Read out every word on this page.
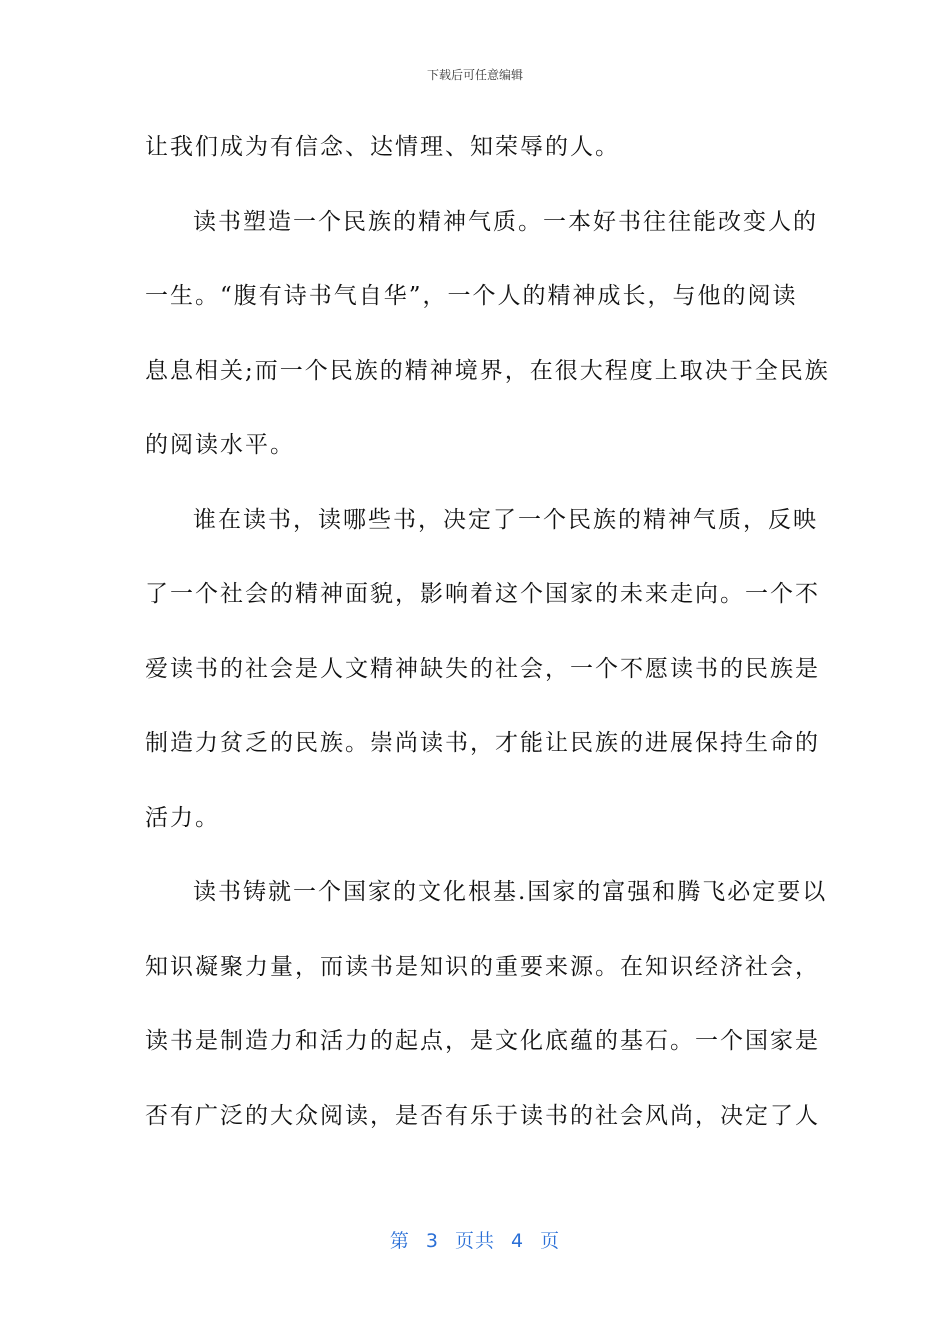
下载后可任意编辑
让我们成为有信念、达情理、知荣辱的人。
读书塑造一个民族的精神气质。一本好书往往能改变人的
一生。“腹有诗书气自华”，一个人的精神成长，与他的阅读
息息相关;而一个民族的精神境界，在很大程度上取决于全民族
的阅读水平。
谁在读书，读哪些书，决定了一个民族的精神气质，反映
了一个社会的精神面貌，影响着这个国家的未来走向。一个不
爱读书的社会是人文精神缺失的社会，一个不愿读书的民族是
制造力贫乏的民族。崇尚读书，才能让民族的进展保持生命的
活力。
读书铸就一个国家的文化根基.国家的富强和腾飞必定要以
知识凝聚力量，而读书是知识的重要来源。在知识经济社会，
读书是制造力和活力的起点，是文化底蕴的基石。一个国家是
否有广泛的大众阅读，是否有乐于读书的社会风尚，决定了人
第 3 页共 4 页
